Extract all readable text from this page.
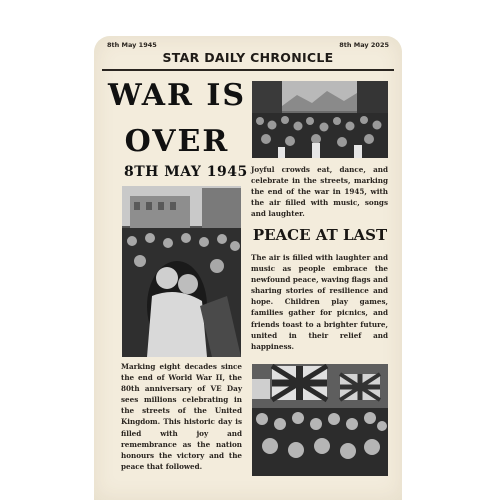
8th May 1945	8th May 2025
STAR DAILY CHRONICLE
WAR IS
OVER
8TH MAY 1945 Joyful crowds eat, dance, and celebrate in the streets, marking the end of the war in 1945, with the air filled with music, songs and laughter.
PEACE AT LAST
The air is filled with laughter and music as people embrace the newfound peace, waving flags and sharing stories of resilience and hope. Children play games, families gather for picnics, and friends toast to a brighter future, united in their relief and happiness.
Marking eight decades since the end of World War II, the 80th anniversary of VE Day sees millions celebrating in the streets of the United Kingdom. This historic day is filled with joy and remembrance as the nation honours the victory and the peace that followed.
